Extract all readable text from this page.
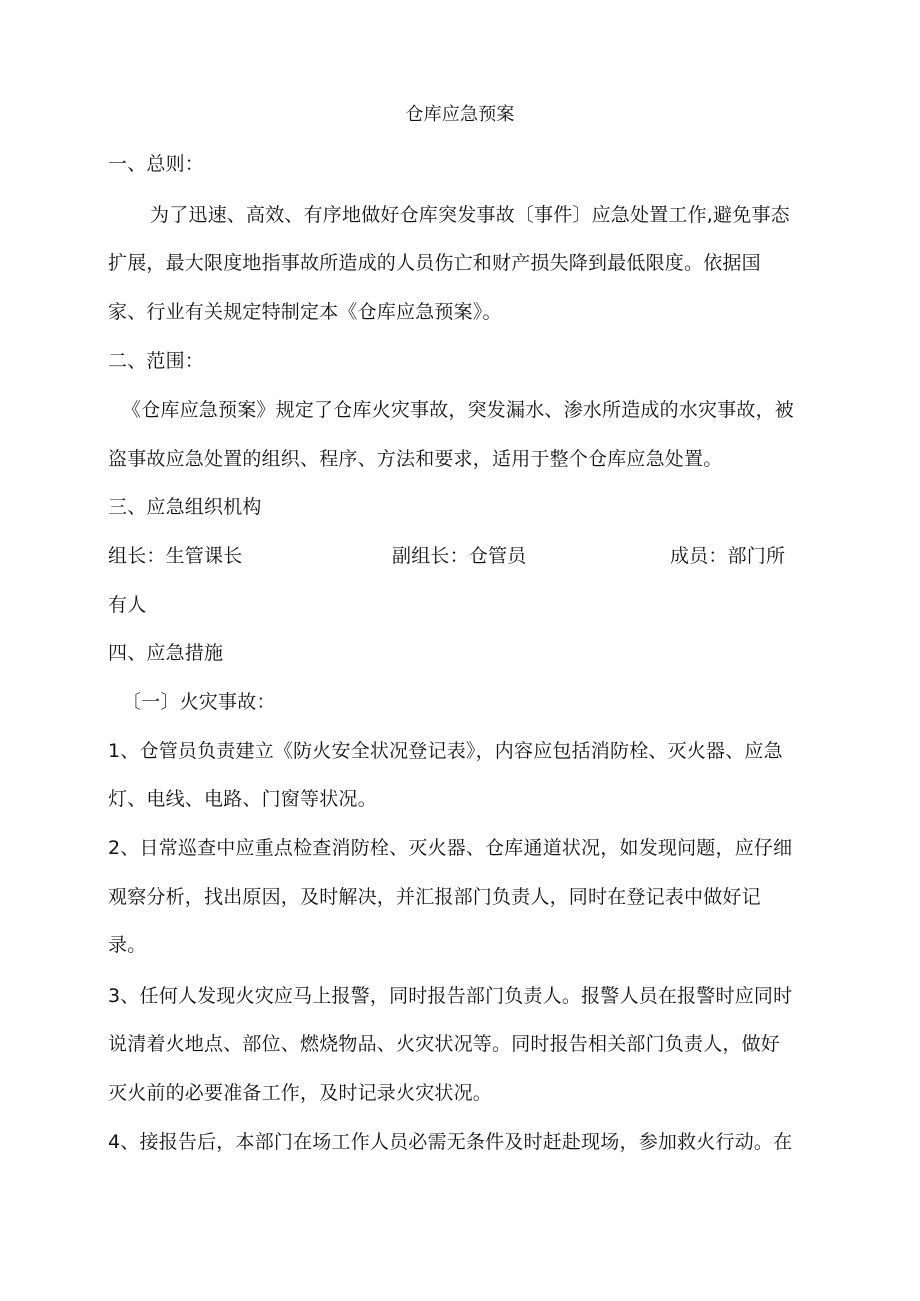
仓库应急预案
一、总则：
为了迅速、高效、有序地做好仓库突发事故〔事件〕应急处置工作,避免事态
扩展，最大限度地指事故所造成的人员伤亡和财产损失降到最低限度。依据国
家、行业有关规定特制定本《仓库应急预案》。
二、范围：
《仓库应急预案》规定了仓库火灾事故，突发漏水、渗水所造成的水灾事故，被
盗事故应急处置的组织、程序、方法和要求，适用于整个仓库应急处置。
三、应急组织机构
组长：生管课长	副组长：仓管员	成员：部门所
有人
四、应急措施
〔一〕火灾事故：
1、仓管员负责建立《防火安全状况登记表》，内容应包括消防栓、灭火器、应急
灯、电线、电路、门窗等状况。
2、日常巡查中应重点检查消防栓、灭火器、仓库通道状况，如发现问题，应仔细
观察分析，找出原因，及时解决，并汇报部门负责人，同时在登记表中做好记
录。
3、任何人发现火灾应马上报警，同时报告部门负责人。报警人员在报警时应同时
说清着火地点、部位、燃烧物品、火灾状况等。同时报告相关部门负责人，做好
灭火前的必要准备工作，及时记录火灾状况。
4、接报告后，本部门在场工作人员必需无条件及时赶赴现场，参加救火行动。在
